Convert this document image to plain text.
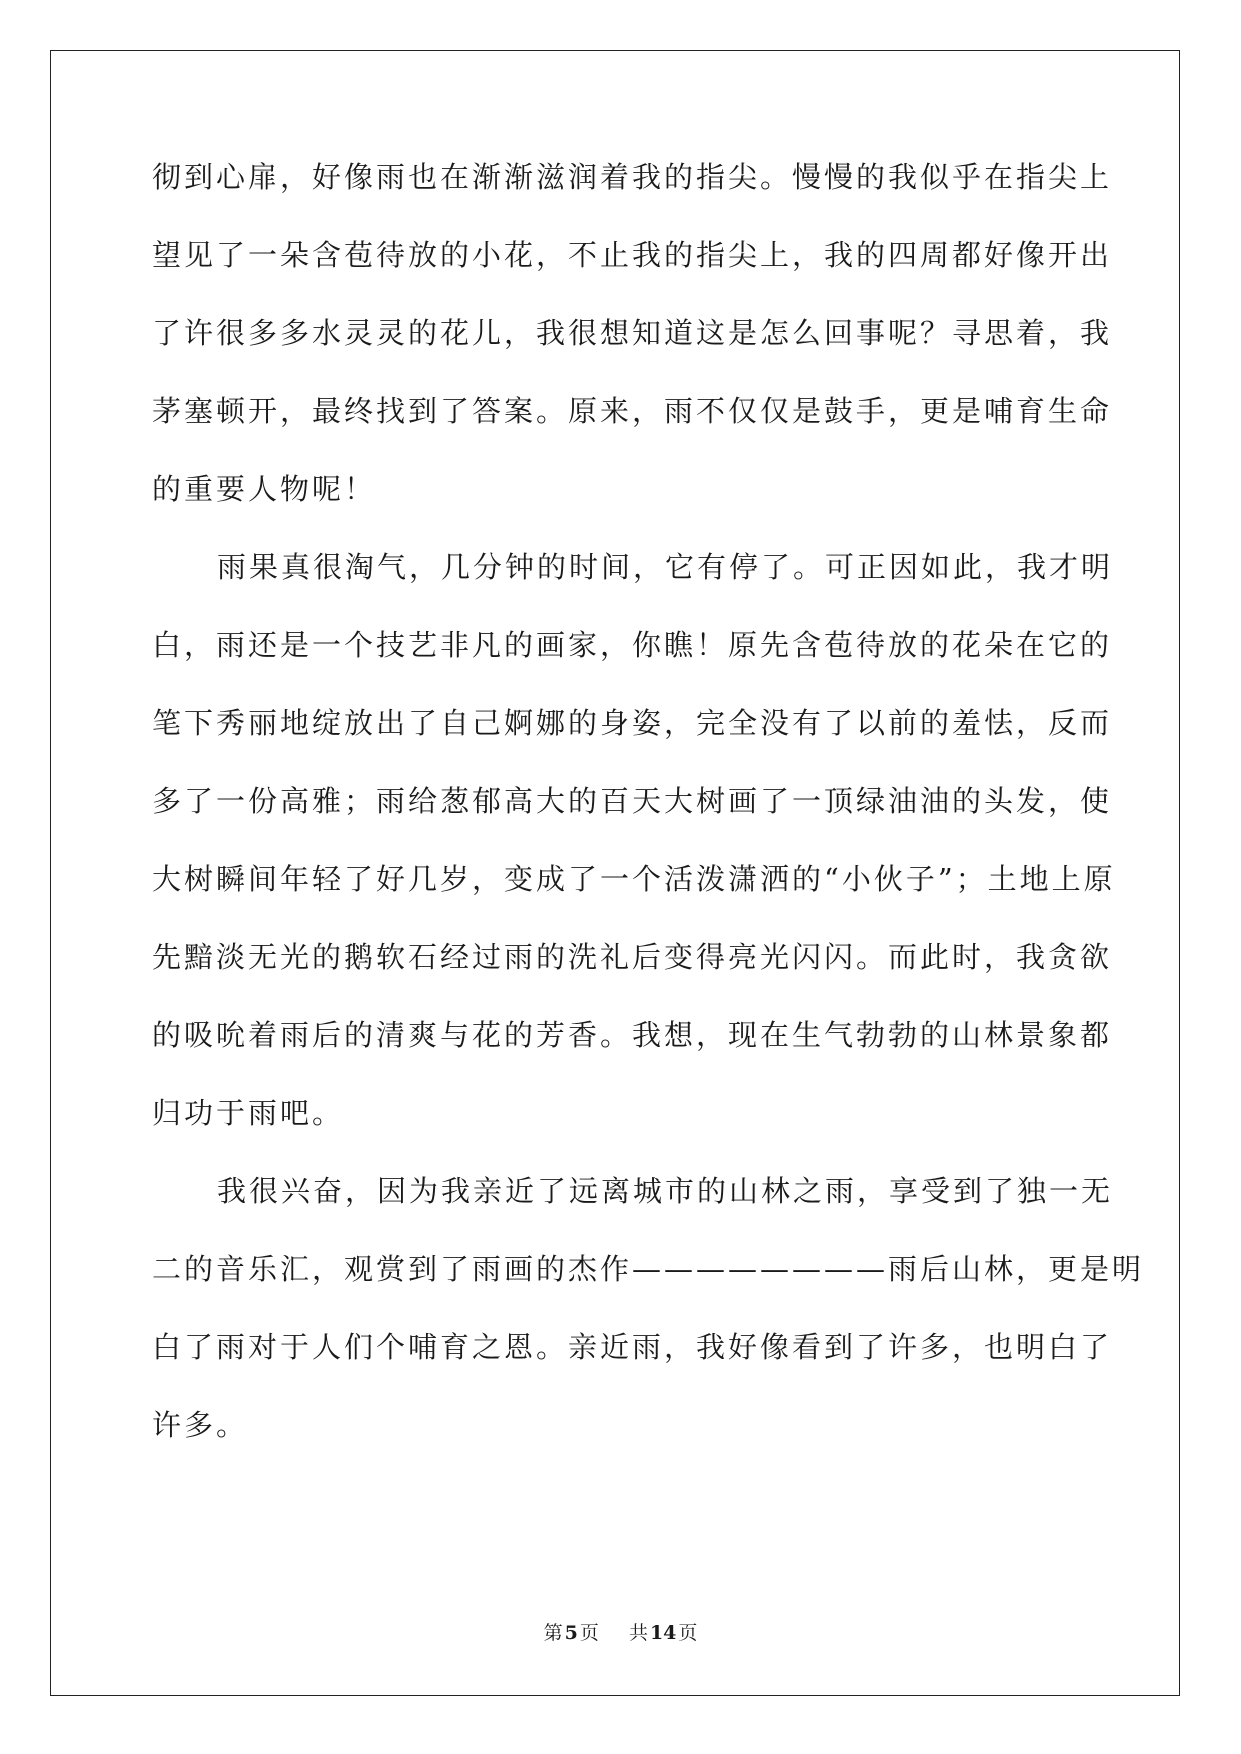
彻到心扉，好像雨也在渐渐滋润着我的指尖。慢慢的我似乎在指尖上
望见了一朵含苞待放的小花，不止我的指尖上，我的四周都好像开出
了许很多多水灵灵的花儿，我很想知道这是怎么回事呢？寻思着，我
茅塞顿开，最终找到了答案。原来，雨不仅仅是鼓手，更是哺育生命
的重要人物呢！
雨果真很淘气，几分钟的时间，它有停了。可正因如此，我才明
白，雨还是一个技艺非凡的画家，你瞧！原先含苞待放的花朵在它的
笔下秀丽地绽放出了自己婀娜的身姿，完全没有了以前的羞怯，反而
多了一份高雅；雨给葱郁高大的百天大树画了一顶绿油油的头发，使
大树瞬间年轻了好几岁，变成了一个活泼潇洒的“小伙子”；土地上原
先黯淡无光的鹅软石经过雨的洗礼后变得亮光闪闪。而此时，我贪欲
的吸吮着雨后的清爽与花的芳香。我想，现在生气勃勃的山林景象都
归功于雨吧。
我很兴奋，因为我亲近了远离城市的山林之雨，享受到了独一无
二的音乐汇，观赏到了雨画的杰作————————雨后山林，更是明
白了雨对于人们个哺育之恩。亲近雨，我好像看到了许多，也明白了
许多。
第 5 页 共 14 页
